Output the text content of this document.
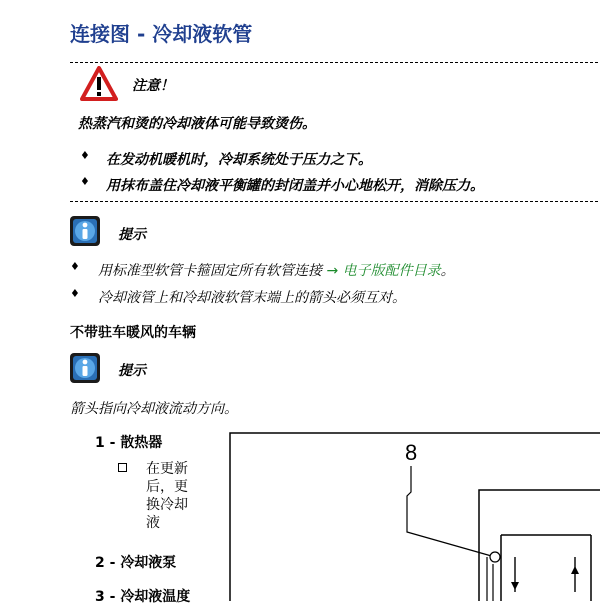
连接图 - 冷却液软管
注意！
热蒸汽和烫的冷却液体可能导致烫伤。
♦ 在发动机暖机时，冷却系统处于压力之下。
♦ 用抹布盖住冷却液平衡罐的封闭盖并小心地松开，消除压力。
提示
♦ 用标准型软管卡箍固定所有软管连接 → 电子版配件目录。
♦ 冷却液管上和冷却液软管末端上的箭头必须互对。
不带驻车暖风的车辆
提示
箭头指向冷却液流动方向。
1 - 散热器
在更新
后，更
换冷却
液
2 - 冷却液泵
3 - 冷却液温度
8
